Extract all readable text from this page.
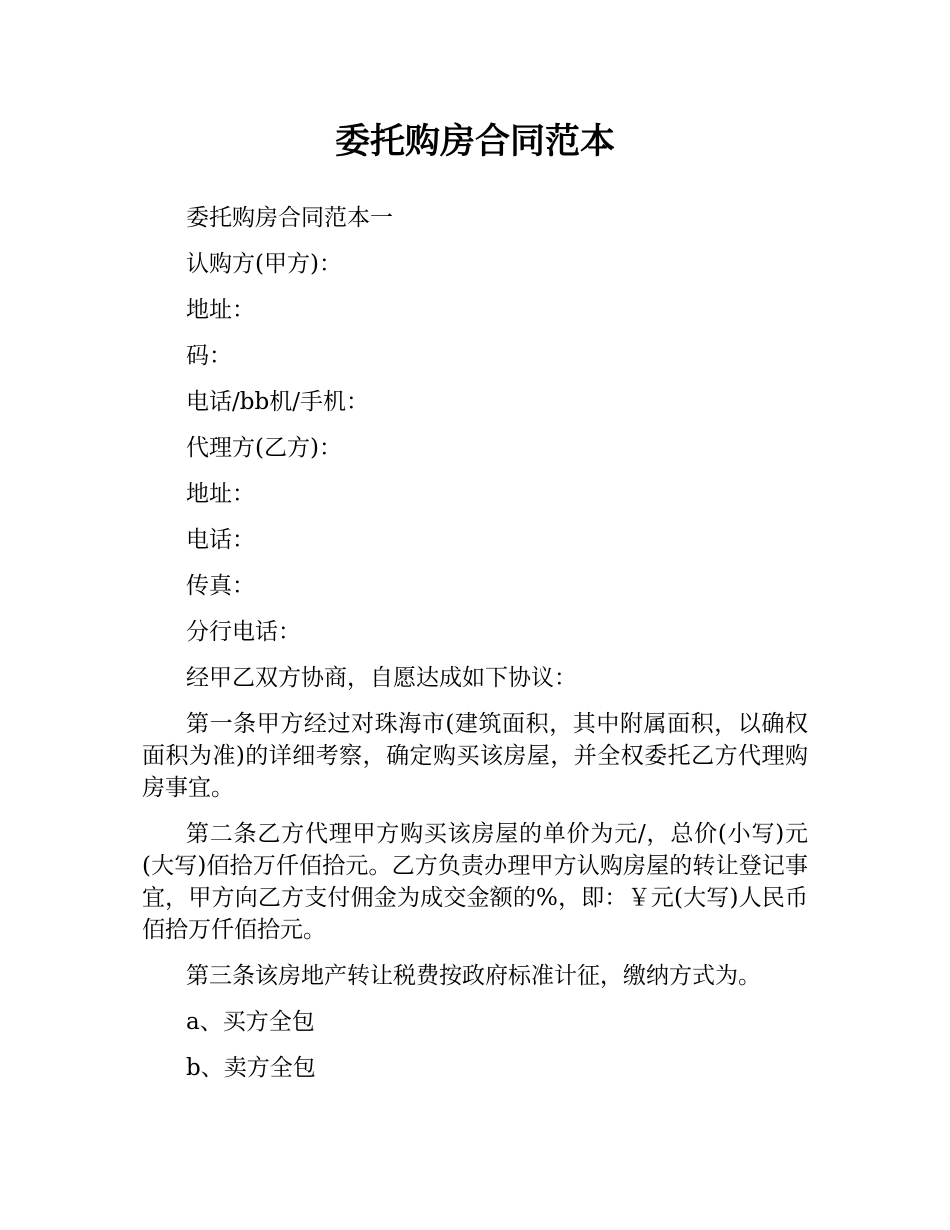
委托购房合同范本

委托购房合同范本一

认购方(甲方)：

地址：

码：

电话/bb机/手机：

代理方(乙方)：

地址：

电话：

传真：

分行电话：

经甲乙双方协商，自愿达成如下协议：

第一条甲方经过对珠海市(建筑面积，其中附属面积，以确权面积为准)的详细考察，确定购买该房屋，并全权委托乙方代理购房事宜。

第二条乙方代理甲方购买该房屋的单价为元/，总价(小写)元(大写)佰拾万仟佰拾元。乙方负责办理甲方认购房屋的转让登记事宜，甲方向乙方支付佣金为成交金额的%，即：￥元(大写)人民币佰拾万仟佰拾元。

第三条该房地产转让税费按政府标准计征，缴纳方式为。

a、买方全包

b、卖方全包
